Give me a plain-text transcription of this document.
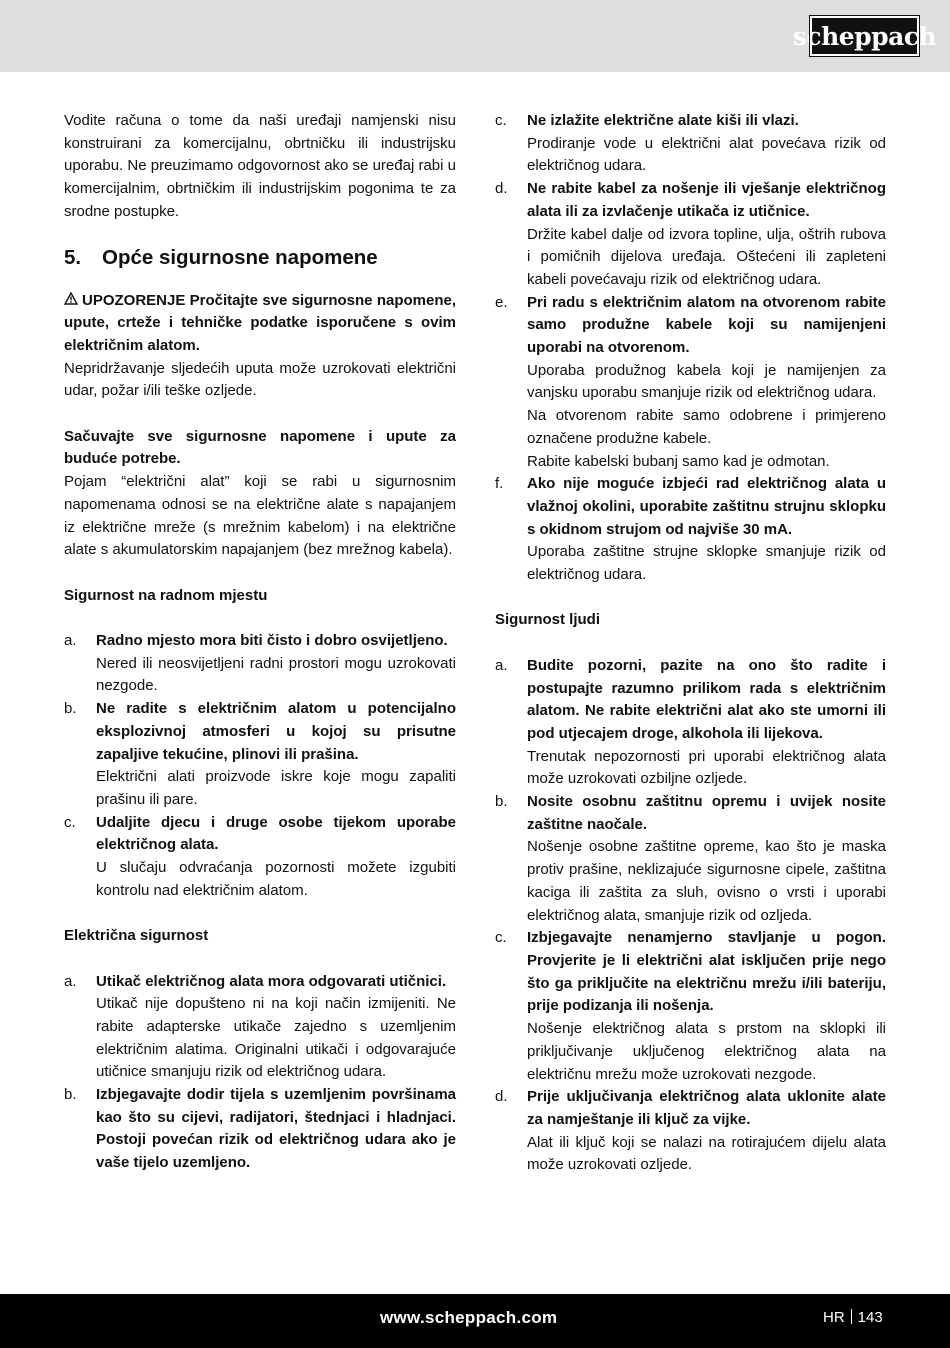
scheppach

Vodite računa o tome da naši uređaji namjenski nisu konstruirani za komercijalnu, obrtničku ili industrijsku uporabu. Ne preuzimamo odgovornost ako se uređaj rabi u komercijalnim, obrtničkim ili industrijskim pogonima te za srodne postupke.

5. Opće sigurnosne napomene

UPOZORENJE Pročitajte sve sigurnosne napomene, upute, crteže i tehničke podatke isporučene s ovim električnim alatom.

Nepridržavanje sljedećih uputa može uzrokovati električni udar, požar i/ili teške ozljede.

Sačuvajte sve sigurnosne napomene i upute za buduće potrebe.

Pojam “električni alat” koji se rabi u sigurnosnim napomenama odnosi se na električne alate s napajanjem iz električne mreže (s mrežnim kabelom) i na električne alate s akumulatorskim napajanjem (bez mrežnog kabela).

Sigurnost na radnom mjestu

a.	Radno mjesto mora biti čisto i dobro osvijetljeno.

Nered ili neosvijetljeni radni prostori mogu uzrokovati nezgode.

b.	Ne radite s električnim alatom u potencijalno eksplozivnoj atmosferi u kojoj su prisutne zapaljive tekućine, plinovi ili prašina.

Električni alati proizvode iskre koje mogu zapaliti prašinu ili pare.

c.	Udaljite djecu i druge osobe tijekom uporabe električnog alata.

U slučaju odvraćanja pozornosti možete izgubiti kontrolu nad električnim alatom.

Električna sigurnost

a.	Utikač električnog alata mora odgovarati utičnici.

Utikač nije dopušteno ni na koji način izmijeniti. Ne rabite adapterske utikače zajedno s uzemljenim električnim alatima. Originalni utikači i odgovarajuće utičnice smanjuju rizik od električnog udara.

b.	Izbjegavajte dodir tijela s uzemljenim površinama kao što su cijevi, radijatori, štednjaci i hladnjaci. Postoji povećan rizik od električnog udara ako je vaše tijelo uzemljeno.

c.	Ne izlažite električne alate kiši ili vlazi.

Prodiranje vode u električni alat povećava rizik od električnog udara.

d.	Ne rabite kabel za nošenje ili vješanje električnog alata ili za izvlačenje utikača iz utičnice.

Držite kabel dalje od izvora topline, ulja, oštrih rubova i pomičnih dijelova uređaja. Oštećeni ili zapleteni kabeli povećavaju rizik od električnog udara.

e.	Pri radu s električnim alatom na otvorenom rabite samo produžne kabele koji su namijenjeni uporabi na otvorenom.

Uporaba produžnog kabela koji je namijenjen za vanjsku uporabu smanjuje rizik od električnog udara.

Na otvorenom rabite samo odobrene i primjereno označene produžne kabele.

Rabite kabelski bubanj samo kad je odmotan.

f.	Ako nije moguće izbjeći rad električnog alata u vlažnoj okolini, uporabite zaštitnu strujnu sklopku s okidnom strujom od najviše 30 mA.

Uporaba zaštitne strujne sklopke smanjuje rizik od električnog udara.

Sigurnost ljudi

a.	Budite pozorni, pazite na ono što radite i postupajte razumno prilikom rada s električnim alatom. Ne rabite električni alat ako ste umorni ili pod utjecajem droge, alkohola ili lijekova.

Trenutak nepozornosti pri uporabi električnog alata može uzrokovati ozbiljne ozljede.

b.	Nosite osobnu zaštitnu opremu i uvijek nosite zaštitne naočale.

Nošenje osobne zaštitne opreme, kao što je maska protiv prašine, neklizajuće sigurnosne cipele, zaštitna kaciga ili zaštita za sluh, ovisno o vrsti i uporabi električnog alata, smanjuje rizik od ozljeda.

c.	Izbjegavajte nenamjerno stavljanje u pogon. Provjerite je li električni alat isključen prije nego što ga priključite na električnu mrežu i/ili bateriju, prije podizanja ili nošenja.

Nošenje električnog alata s prstom na sklopki ili priključivanje uključenog električnog alata na električnu mrežu može uzrokovati nezgode.

d.	Prije uključivanja električnog alata uklonite alate za namještanje ili ključ za vijke.

Alat ili ključ koji se nalazi na rotirajućem dijelu alata može uzrokovati ozljede.

www.scheppach.com	HR 143
